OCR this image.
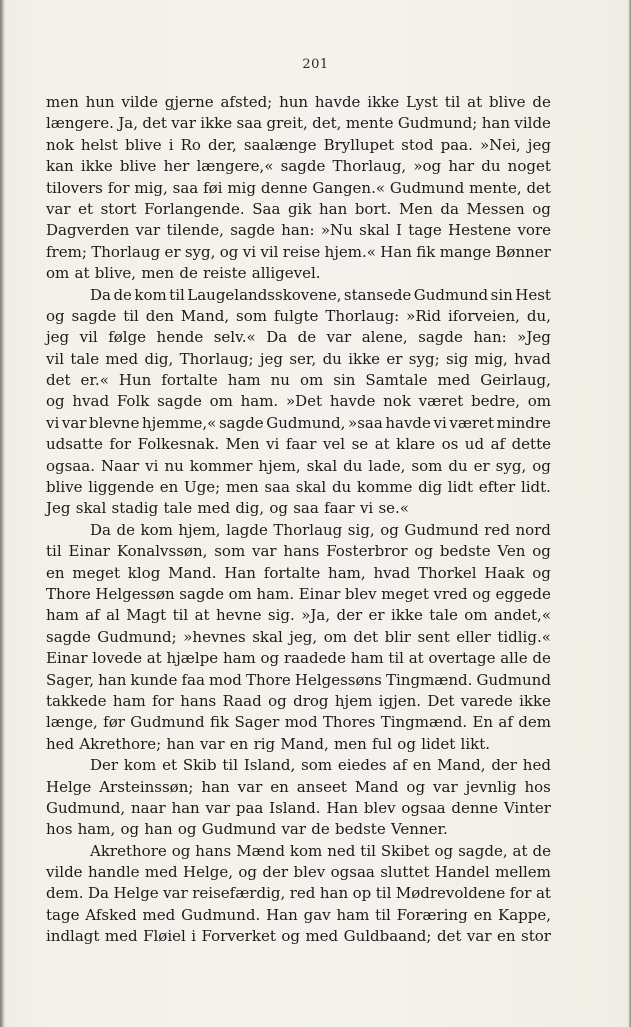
201
men hun vilde gjerne afsted; hun havde ikke Lyst til at blive de
længere. Ja, det var ikke saa greit, det, mente Gudmund; han vilde
nok helst blive i Ro der, saalænge Bryllupet stod paa. »Nei, jeg
kan ikke blive her længere,« sagde Thorlaug, »og har du noget
tilovers for mig, saa føi mig denne Gangen.« Gudmund mente, det
var et stort Forlangende. Saa gik han bort. Men da Messen og
Dagverden var tilende, sagde han: »Nu skal I tage Hestene vore
frem; Thorlaug er syg, og vi vil reise hjem.« Han fik mange Bønner
om at blive, men de reiste alligevel.
Da de kom til Laugelandsskovene, stansede Gudmund sin Hest
og sagde til den Mand, som fulgte Thorlaug: »Rid iforveien, du,
jeg vil følge hende selv.« Da de var alene, sagde han: »Jeg
vil tale med dig, Thorlaug; jeg ser, du ikke er syg; sig mig, hvad
det er.« Hun fortalte ham nu om sin Samtale med Geirlaug,
og hvad Folk sagde om ham. »Det havde nok været bedre, om
vi var blevne hjemme,« sagde Gudmund, »saa havde vi været mindre
udsatte for Folkesnak. Men vi faar vel se at klare os ud af dette
ogsaa. Naar vi nu kommer hjem, skal du lade, som du er syg, og
blive liggende en Uge; men saa skal du komme dig lidt efter lidt.
Jeg skal stadig tale med dig, og saa faar vi se.«
Da de kom hjem, lagde Thorlaug sig, og Gudmund red nord
til Einar Konalvssøn, som var hans Fosterbror og bedste Ven og
en meget klog Mand. Han fortalte ham, hvad Thorkel Haak og
Thore Helgessøn sagde om ham. Einar blev meget vred og eggede
ham af al Magt til at hevne sig. »Ja, der er ikke tale om andet,«
sagde Gudmund; »hevnes skal jeg, om det blir sent eller tidlig.«
Einar lovede at hjælpe ham og raadede ham til at overtage alle de
Sager, han kunde faa mod Thore Helgessøns Tingmænd. Gudmund
takkede ham for hans Raad og drog hjem igjen. Det varede ikke
længe, før Gudmund fik Sager mod Thores Tingmænd. En af dem
hed Akrethore; han var en rig Mand, men ful og lidet likt.
Der kom et Skib til Island, som eiedes af en Mand, der hed
Helge Arsteinssøn; han var en anseet Mand og var jevnlig hos
Gudmund, naar han var paa Island. Han blev ogsaa denne Vinter
hos ham, og han og Gudmund var de bedste Venner.
Akrethore og hans Mænd kom ned til Skibet og sagde, at de
vilde handle med Helge, og der blev ogsaa sluttet Handel mellem
dem. Da Helge var reisefærdig, red han op til Mødrevoldene for at
tage Afsked med Gudmund. Han gav ham til Foræring en Kappe,
indlagt med Fløiel i Forverket og med Guldbaand; det var en stor
